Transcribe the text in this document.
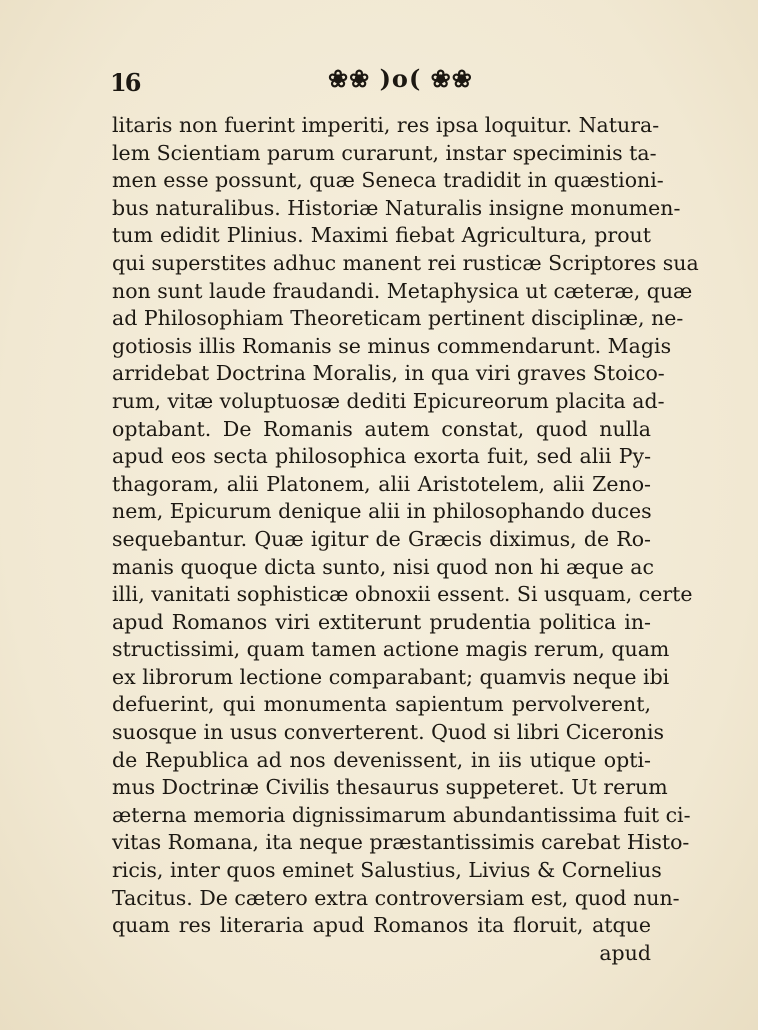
16	❀❀ )o( ❀❀
litaris non fuerint imperiti, res ipsa loquitur. Natura-
lem Scientiam parum curarunt, instar speciminis ta-
men esse possunt, quæ Seneca tradidit in quæstioni-
bus naturalibus. Historiæ Naturalis insigne monumen-
tum edidit Plinius. Maximi fiebat Agricultura, prout
qui superstites adhuc manent rei rusticæ Scriptores sua
non sunt laude fraudandi. Metaphysica ut cæteræ, quæ
ad Philosophiam Theoreticam pertinent disciplinæ, ne-
gotiosis illis Romanis se minus commendarunt. Magis
arridebat Doctrina Moralis, in qua viri graves Stoico-
rum, vitæ voluptuosæ dediti Epicureorum placita ad-
optabant. De Romanis autem constat, quod nulla
apud eos secta philosophica exorta fuit, sed alii Py-
thagoram, alii Platonem, alii Aristotelem, alii Zeno-
nem, Epicurum denique alii in philosophando duces
sequebantur. Quæ igitur de Græcis diximus, de Ro-
manis quoque dicta sunto, nisi quod non hi æque ac
illi, vanitati sophisticæ obnoxii essent. Si usquam, certe
apud Romanos viri extiterunt prudentia politica in-
structissimi, quam tamen actione magis rerum, quam
ex librorum lectione comparabant; quamvis neque ibi
defuerint, qui monumenta sapientum pervolverent,
suosque in usus converterent. Quod si libri Ciceronis
de Republica ad nos devenissent, in iis utique opti-
mus Doctrinæ Civilis thesaurus suppeteret. Ut rerum
æterna memoria dignissimarum abundantissima fuit ci-
vitas Romana, ita neque præstantissimis carebat Histo-
ricis, inter quos eminet Salustius, Livius & Cornelius
Tacitus. De cætero extra controversiam est, quod nun-
quam res literaria apud Romanos ita floruit, atque
apud
